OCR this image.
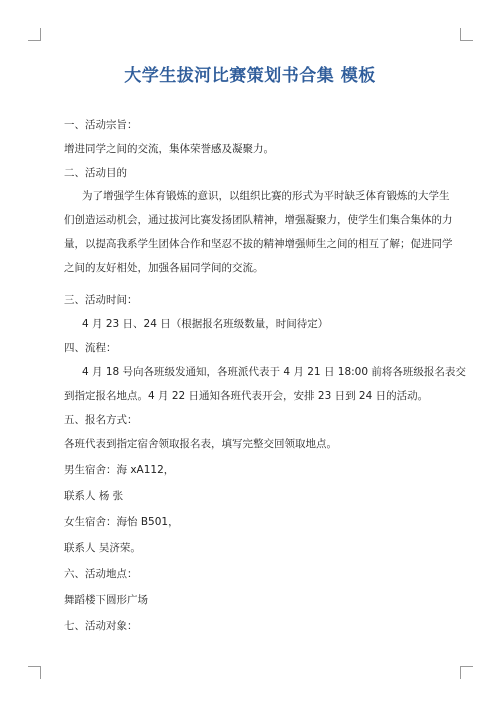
大学生拔河比赛策划书合集 模板
一、活动宗旨：
增进同学之间的交流，集体荣誉感及凝聚力。
二、活动目的
为了增强学生体育锻炼的意识，以组织比赛的形式为平时缺乏体育锻炼的大学生
们创造运动机会，通过拔河比赛发扬团队精神，增强凝聚力，使学生们集合集体的力
量，以提高我系学生团体合作和坚忍不拔的精神增强师生之间的相互了解；促进同学
之间的友好相处，加强各届同学间的交流。
三、活动时间：
4 月 23 日、24 日（根据报名班级数量，时间待定）
四、流程：
4 月 18 号向各班级发通知，各班派代表于 4 月 21 日 18:00 前将各班级报名表交
到指定报名地点。4 月 22 日通知各班代表开会，安排 23 日到 24 日的活动。
五、报名方式：
各班代表到指定宿舍领取报名表，填写完整交回领取地点。
男生宿舍：海 xA112，
联系人 杨 张
女生宿舍：海怡 B501，
联系人 吴济荣。
六、活动地点：
舞蹈楼下圆形广场
七、活动对象：
